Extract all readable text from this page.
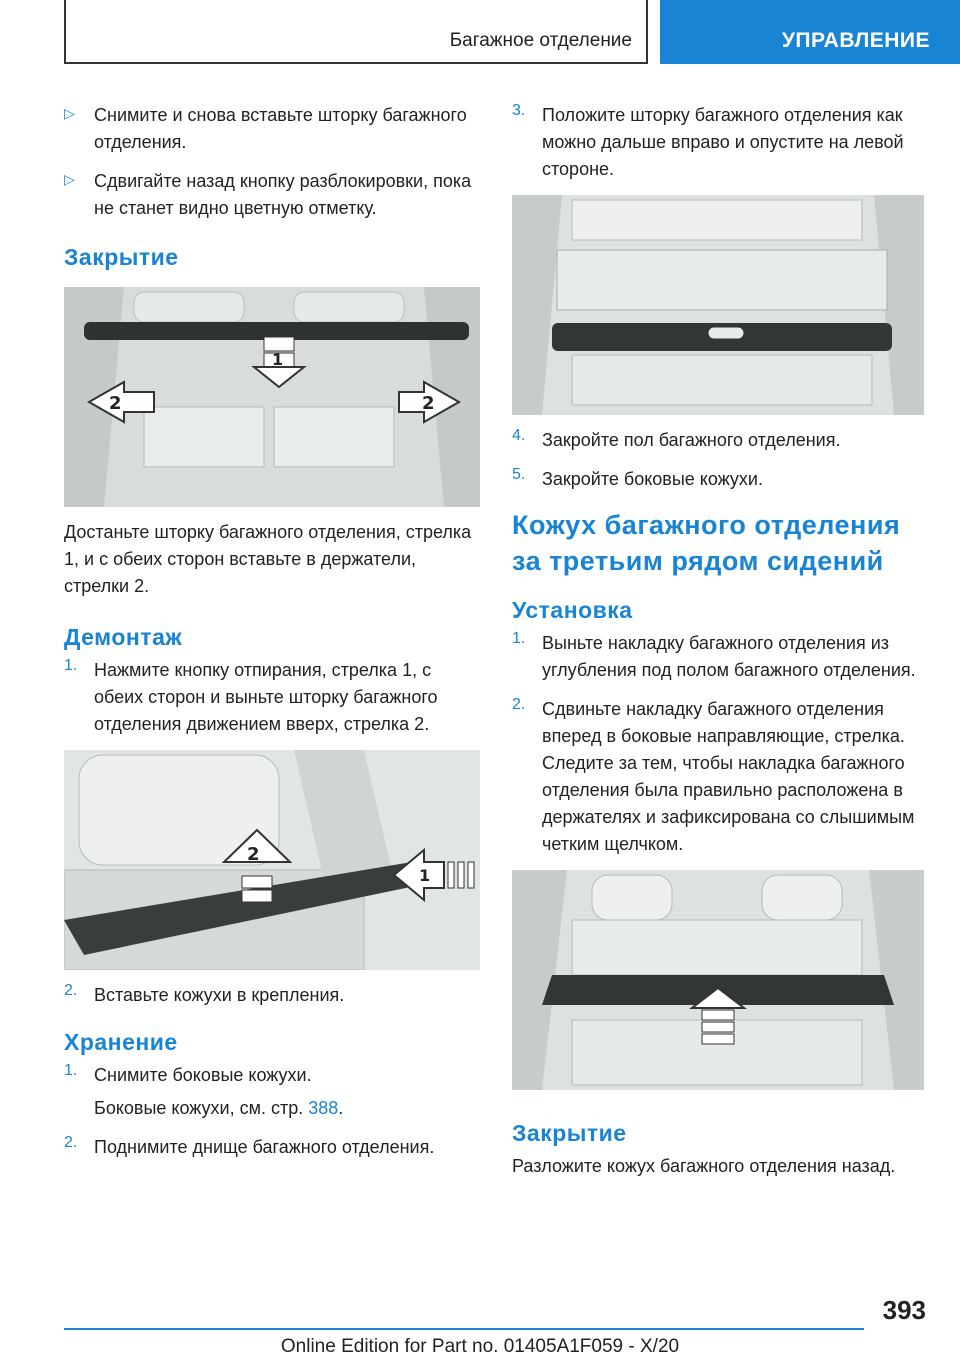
Багажное отделение	УПРАВЛЕНИЕ
▷	Снимите и снова вставьте шторку багажного отделения.

▷	Сдвигайте назад кнопку разблокировки, пока не станет видно цветную отметку.

Закрытие
1
2	2

Достаньте шторку багажного отделения, стрелка 1, и с обеих сторон вставьте в держатели, стрелки 2.

Демонтаж
1. Нажмите кнопку отпирания, стрелка 1, с обеих сторон и выньте шторку багажного отделения движением вверх, стрелка 2.

2
1
2. Вставьте кожухи в крепления.

Хранение
1. Снимите боковые кожухи.

Боковые кожухи, см. стр. 388.

2. Поднимите днище багажного отделения.

3. Положите шторку багажного отделения как можно дальше вправо и опустите на левой стороне.

4. Закройте пол багажного отделения.

5. Закройте боковые кожухи.

Кожух багажного отделения за третьим рядом сидений
Установка
1. Выньте накладку багажного отделения из углубления под полом багажного отделения.

2. Сдвиньте накладку багажного отделения вперед в боковые направляющие, стрелка. Следите за тем, чтобы накладка багажного отделения была правильно расположена в держателях и зафиксирована со слышимым четким щелчком.

Закрытие

Разложите кожух багажного отделения назад.

393
Online Edition for Part no. 01405A1F059 - X/20
